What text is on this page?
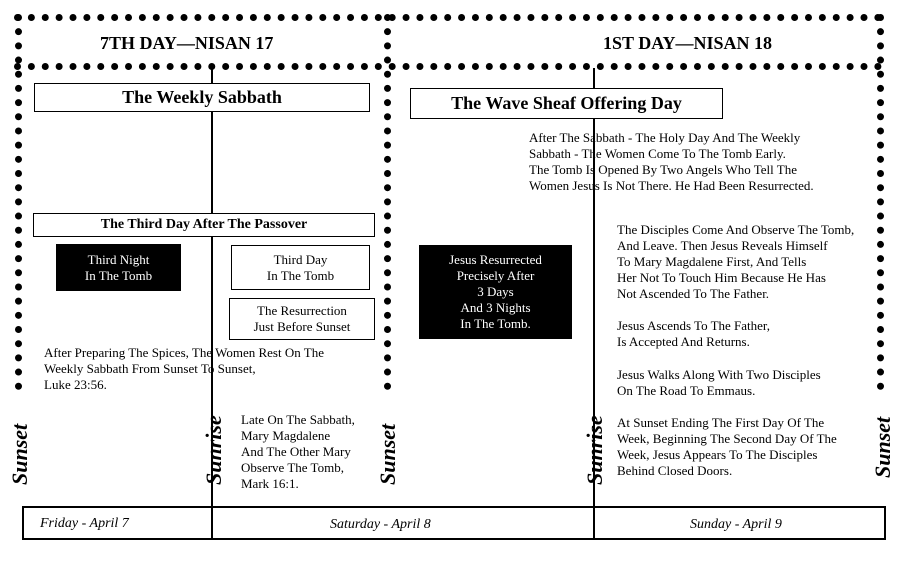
7TH DAY—NISAN 17	1ST DAY—NISAN 18
The Weekly Sabbath
The Third Day After The Passover
Third Night
In The Tomb
Third Day
In The Tomb
The Resurrection
Just Before Sunset
After Preparing The Spices, The Women Rest On The
Weekly Sabbath From Sunset To Sunset,
Luke 23:56.
Late On The Sabbath,
Mary Magdalene
And The Other Mary
Observe The Tomb,
Mark 16:1.
The Wave Sheaf Offering Day
After The Sabbath - The Holy Day And The Weekly
Sabbath - The Women Come To The Tomb Early.
The Tomb Is Opened By Two Angels Who Tell The
Women Jesus Is Not There. He Had Been Resurrected.
Jesus Resurrected
Precisely After
3 Days
And 3 Nights
In The Tomb.
The Disciples Come And Observe The Tomb,
And Leave. Then Jesus Reveals Himself
To Mary Magdalene First, And Tells
Her Not To Touch Him Because He Has
Not Ascended To The Father.
Jesus Ascends To The Father,
Is Accepted And Returns.
Jesus Walks Along With Two Disciples
On The Road To Emmaus.
At Sunset Ending The First Day Of The
Week, Beginning The Second Day Of The
Week, Jesus Appears To The Disciples
Behind Closed Doors.
Sunset	Sunrise	Sunset	Sunrise	Sunset
Friday - April 7	Saturday - April 8	Sunday - April 9
